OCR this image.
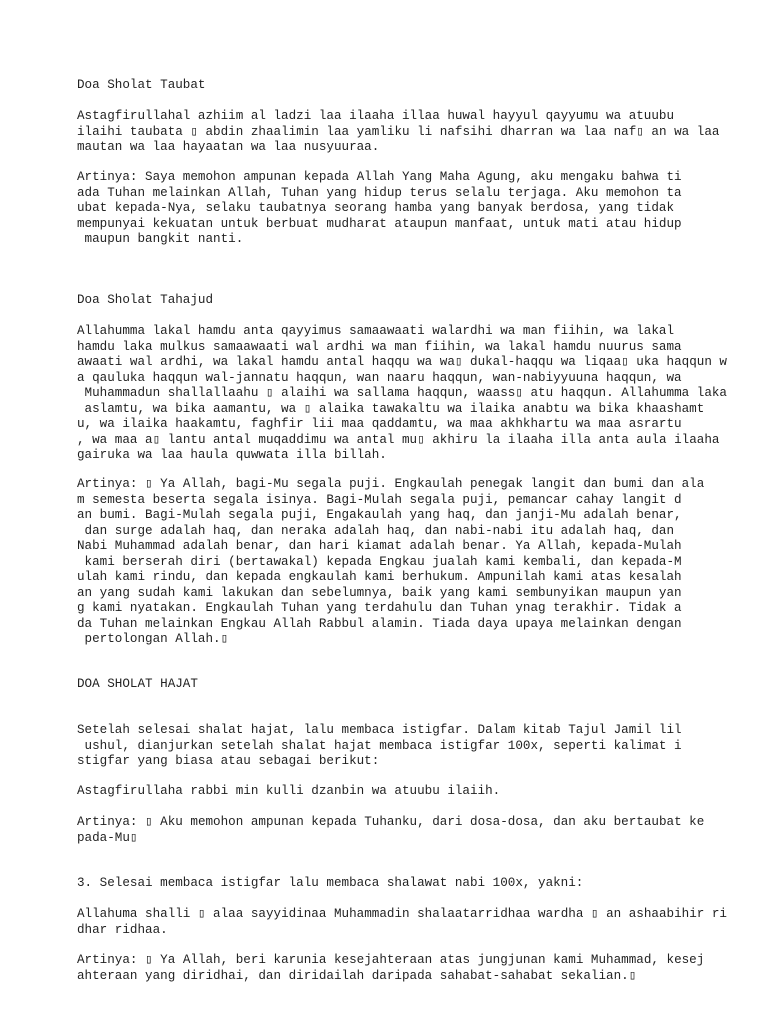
Doa Sholat Taubat

Astagfirullahal azhiim al ladzi laa ilaaha illaa huwal hayyul qayyumu wa atuubu
ilaihi taubata ▯ abdin zhaalimin laa yamliku li nafsihi dharran wa laa naf▯ an wa laa
mautan wa laa hayaatan wa laa nusyuuraa.

Artinya: Saya memohon ampunan kepada Allah Yang Maha Agung, aku mengaku bahwa ti
ada Tuhan melainkan Allah, Tuhan yang hidup terus selalu terjaga. Aku memohon ta
ubat kepada-Nya, selaku taubatnya seorang hamba yang banyak berdosa, yang tidak
mempunyai kekuatan untuk berbuat mudharat ataupun manfaat, untuk mati atau hidup
maupun bangkit nanti.

Doa Sholat Tahajud

Allahumma lakal hamdu anta qayyimus samaawaati walardhi wa man fiihin, wa lakal
hamdu laka mulkus samaawaati wal ardhi wa man fiihin, wa lakal hamdu nuurus sama
awaati wal ardhi, wa lakal hamdu antal haqqu wa wa▯ dukal-haqqu wa liqaa▯ uka haqqun w
a qauluka haqqun wal-jannatu haqqun, wan naaru haqqun, wan-nabiyyuuna haqqun, wa
Muhammadun shallallaahu ▯ alaihi wa sallama haqqun, waass▯ atu haqqun. Allahumma laka
aslamtu, wa bika aamantu, wa ▯ alaika tawakaltu wa ilaika anabtu wa bika khaashamt
u, wa ilaika haakamtu, faghfir lii maa qaddamtu, wa maa akhkhartu wa maa asrartu
, wa maa a▯ lantu antal muqaddimu wa antal mu▯ akhiru la ilaaha illa anta aula ilaaha
gairuka wa laa haula quwwata illa billah.

Artinya: ▯ Ya Allah, bagi-Mu segala puji. Engkaulah penegak langit dan bumi dan ala
m semesta beserta segala isinya. Bagi-Mulah segala puji, pemancar cahay langit d
an bumi. Bagi-Mulah segala puji, Engakaulah yang haq, dan janji-Mu adalah benar,
dan surge adalah haq, dan neraka adalah haq, dan nabi-nabi itu adalah haq, dan
Nabi Muhammad adalah benar, dan hari kiamat adalah benar. Ya Allah, kepada-Mulah
kami berserah diri (bertawakal) kepada Engkau jualah kami kembali, dan kepada-M
ulah kami rindu, dan kepada engkaulah kami berhukum. Ampunilah kami atas kesalah
an yang sudah kami lakukan dan sebelumnya, baik yang kami sembunyikan maupun yan
g kami nyatakan. Engkaulah Tuhan yang terdahulu dan Tuhan ynag terakhir. Tidak a
da Tuhan melainkan Engkau Allah Rabbul alamin. Tiada daya upaya melainkan dengan
pertolongan Allah.▯

DOA SHOLAT HAJAT

Setelah selesai shalat hajat, lalu membaca istigfar. Dalam kitab Tajul Jamil lil
ushul, dianjurkan setelah shalat hajat membaca istigfar 100x, seperti kalimat i
stigfar yang biasa atau sebagai berikut:

Astagfirullaha rabbi min kulli dzanbin wa atuubu ilaiih.

Artinya: ▯ Aku memohon ampunan kepada Tuhanku, dari dosa-dosa, dan aku bertaubat ke
pada-Mu▯

3. Selesai membaca istigfar lalu membaca shalawat nabi 100x, yakni:

Allahuma shalli ▯ alaa sayyidinaa Muhammadin shalaatarridhaa wardha ▯ an ashaabihir ri
dhar ridhaa.

Artinya: ▯ Ya Allah, beri karunia kesejahteraan atas jungjunan kami Muhammad, kesej
ahteraan yang diridhai, dan diridailah daripada sahabat-sahabat sekalian.▯
